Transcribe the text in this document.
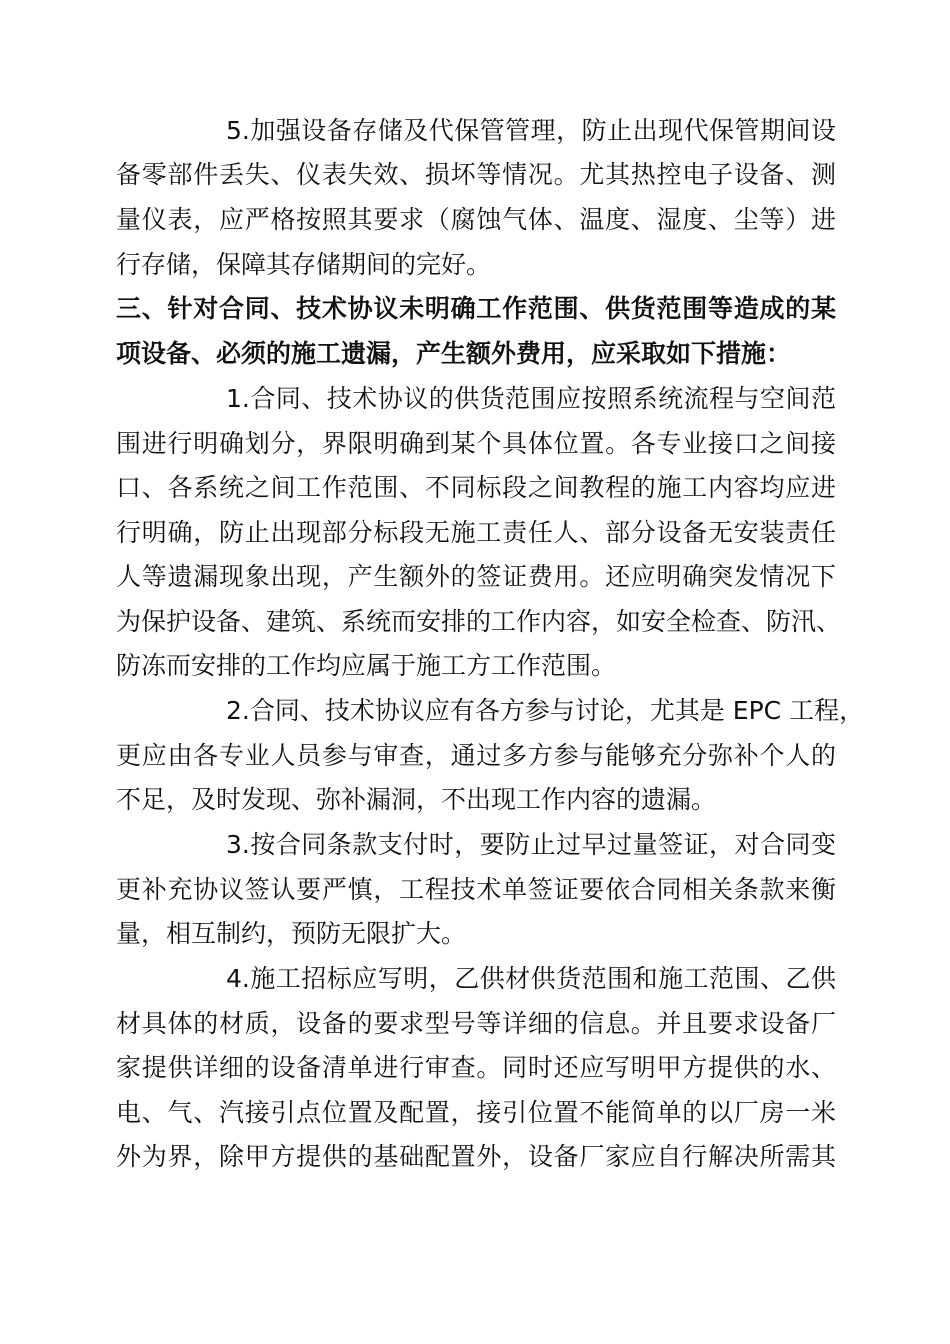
5.加强设备存储及代保管管理，防止出现代保管期间设
备零部件丢失、仪表失效、损坏等情况。尤其热控电子设备、测
量仪表，应严格按照其要求（腐蚀气体、温度、湿度、尘等）进
行存储，保障其存储期间的完好。
三、针对合同、技术协议未明确工作范围、供货范围等造成的某
项设备、必须的施工遗漏，产生额外费用，应采取如下措施：
1.合同、技术协议的供货范围应按照系统流程与空间范
围进行明确划分，界限明确到某个具体位置。各专业接口之间接
口、各系统之间工作范围、不同标段之间教程的施工内容均应进
行明确，防止出现部分标段无施工责任人、部分设备无安装责任
人等遗漏现象出现，产生额外的签证费用。还应明确突发情况下
为保护设备、建筑、系统而安排的工作内容，如安全检查、防汛、
防冻而安排的工作均应属于施工方工作范围。
2.合同、技术协议应有各方参与讨论，尤其是 EPC 工程，
更应由各专业人员参与审查，通过多方参与能够充分弥补个人的
不足，及时发现、弥补漏洞，不出现工作内容的遗漏。
3.按合同条款支付时，要防止过早过量签证，对合同变
更补充协议签认要严慎，工程技术单签证要依合同相关条款来衡
量，相互制约，预防无限扩大。
4.施工招标应写明，乙供材供货范围和施工范围、乙供
材具体的材质，设备的要求型号等详细的信息。并且要求设备厂
家提供详细的设备清单进行审查。同时还应写明甲方提供的水、
电、气、汽接引点位置及配置，接引位置不能简单的以厂房一米
外为界，除甲方提供的基础配置外，设备厂家应自行解决所需其
